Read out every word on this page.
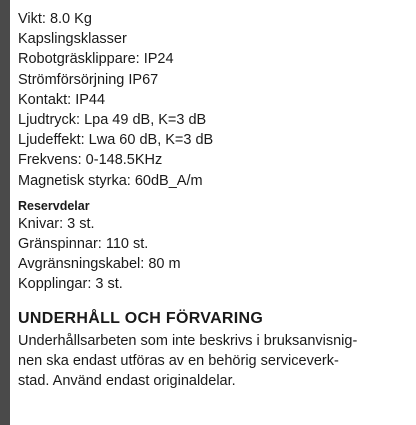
Vikt: 8.0 Kg

Kapslingsklasser

Robotgräsklippare: IP24

Strömförsörjning IP67

Kontakt: IP44

Ljudtryck: Lpa 49 dB, K=3 dB

Ljudeffekt: Lwa 60 dB, K=3 dB

Frekvens: 0-148.5KHz

Magnetisk styrka: 60dB_A/m

Reservdelar

Knivar: 3 st.

Gränspinnar: 110 st.

Avgränsningskabel: 80 m

Kopplingar: 3 st.

UNDERHÅLL OCH FÖRVARING

Underhållsarbeten som inte beskrivs i bruksanvisnig-

nen ska endast utföras av en behörig serviceverk-

stad. Använd endast originaldelar.
